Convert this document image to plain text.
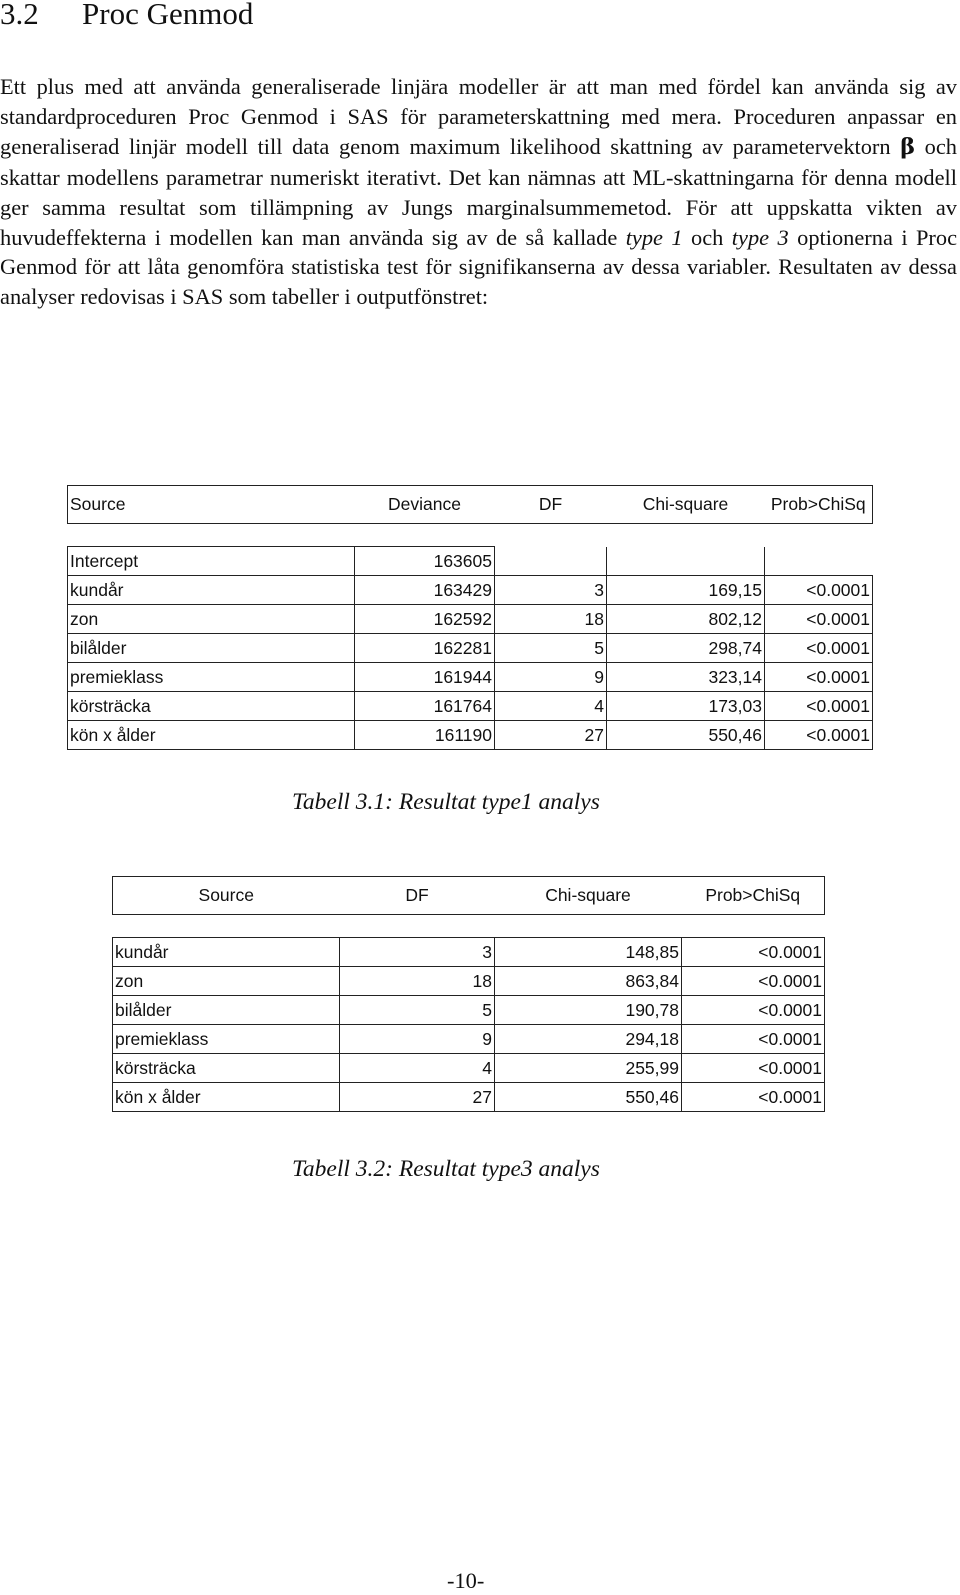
3.2 Proc Genmod

Ett plus med att använda generaliserade linjära modeller är att man med fördel kan använda sig av standardproceduren Proc Genmod i SAS för parameterskattning med mera. Proceduren anpassar en generaliserad linjär modell till data genom maximum likelihood skattning av parametervektorn β och skattar modellens parametrar numeriskt iterativt. Det kan nämnas att ML-skattningarna för denna modell ger samma resultat som tillämpning av Jungs marginalsummemetod. För att uppskatta vikten av huvudeffekterna i modellen kan man använda sig av de så kallade type 1 och type 3 optionerna i Proc Genmod för att låta genomföra statistiska test för signifikanserna av dessa variabler. Resultaten av dessa analyser redovisas i SAS som tabeller i outputfönstret:

Source	Deviance	DF	Chi-square	Prob>ChiSq

Intercept	163605			
kundår	163429	3	169,15	<0.0001
zon	162592	18	802,12	<0.0001
bilålder	162281	5	298,74	<0.0001
premieklass	161944	9	323,14	<0.0001
körsträcka	161764	4	173,03	<0.0001
kön x ålder	161190	27	550,46	<0.0001

Tabell 3.1: Resultat type1 analys

Source	DF	Chi-square	Prob>ChiSq

kundår	3	148,85	<0.0001
zon	18	863,84	<0.0001
bilålder	5	190,78	<0.0001
premieklass	9	294,18	<0.0001
körsträcka	4	255,99	<0.0001
kön x ålder	27	550,46	<0.0001

Tabell 3.2: Resultat type3 analys

-10-
